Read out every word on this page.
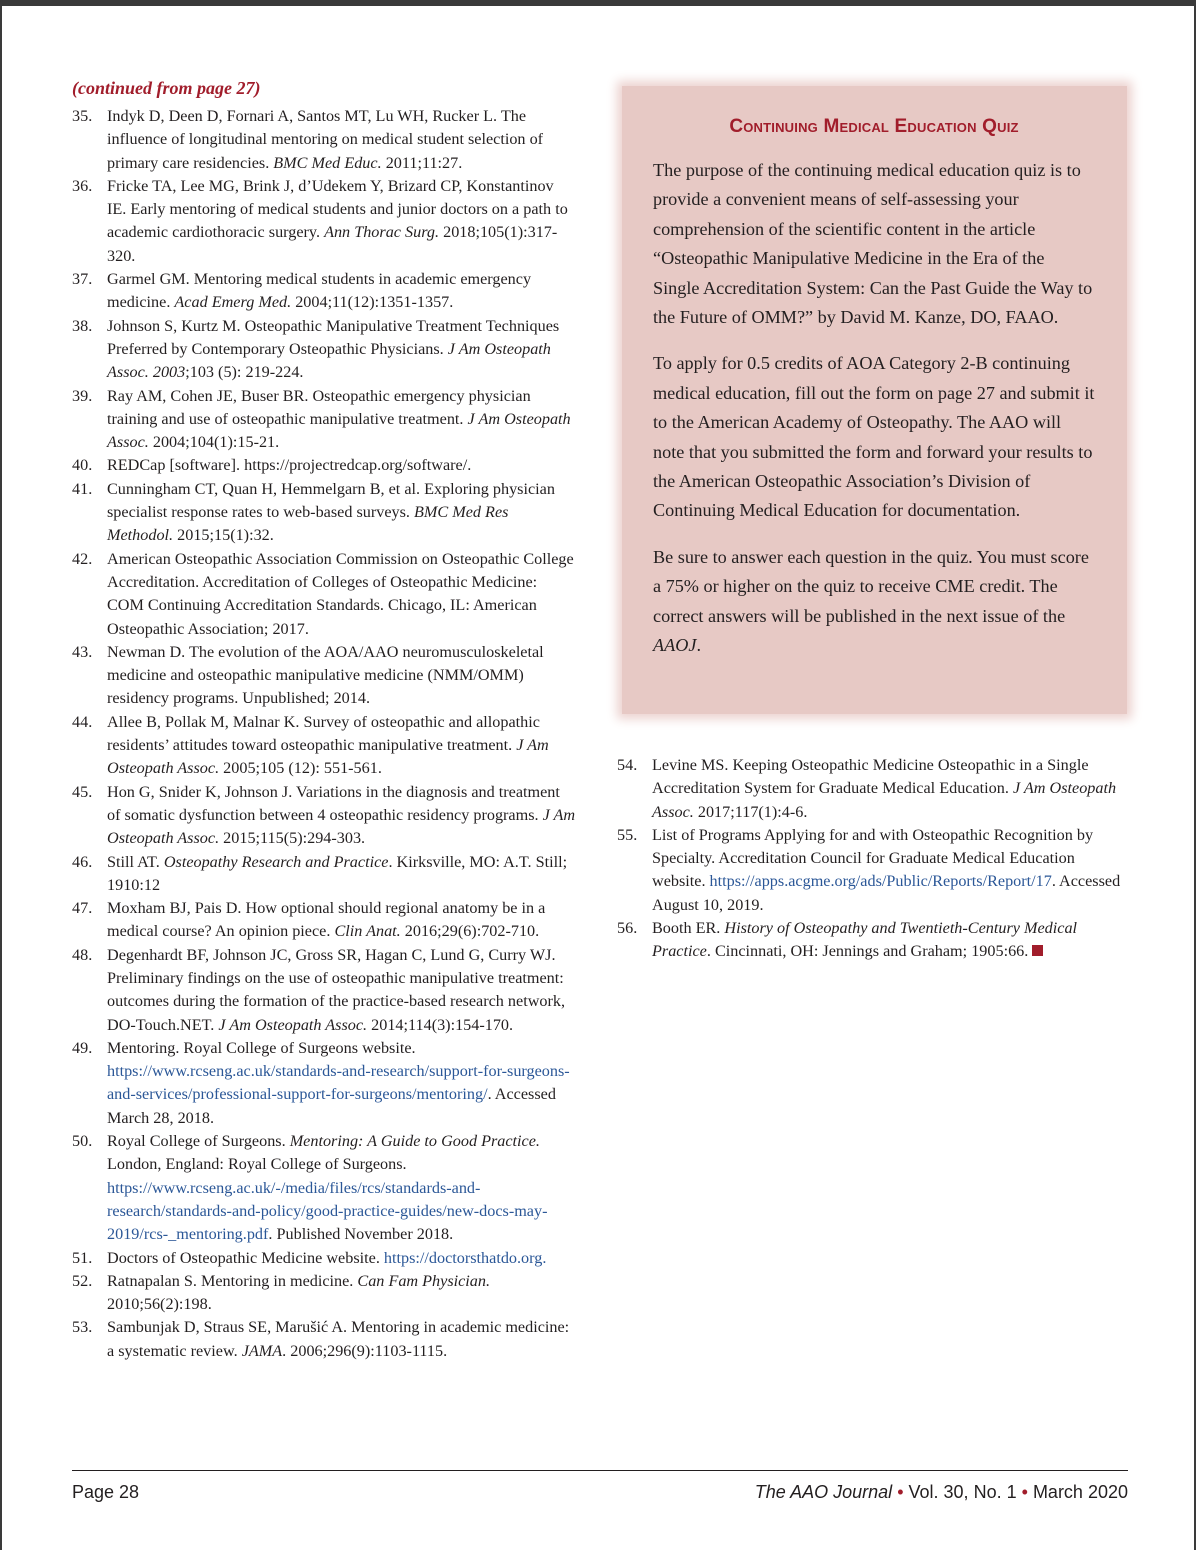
(continued from page 27)

35. Indyk D, Deen D, Fornari A, Santos MT, Lu WH, Rucker L. The influence of longitudinal mentoring on medical student selection of primary care residencies. BMC Med Educ. 2011;11:27.
36. Fricke TA, Lee MG, Brink J, d’Udekem Y, Brizard CP, Konstantinov IE. Early mentoring of medical students and junior doctors on a path to academic cardiothoracic surgery. Ann Thorac Surg. 2018;105(1):317-320.
37. Garmel GM. Mentoring medical students in academic emergency medicine. Acad Emerg Med. 2004;11(12):1351-1357.
38. Johnson S, Kurtz M. Osteopathic Manipulative Treatment Techniques Preferred by Contemporary Osteopathic Physicians. J Am Osteopath Assoc. 2003;103 (5): 219-224.
39. Ray AM, Cohen JE, Buser BR. Osteopathic emergency physician training and use of osteopathic manipulative treatment. J Am Osteopath Assoc. 2004;104(1):15-21.
40. REDCap [software]. https://projectredcap.org/software/.
41. Cunningham CT, Quan H, Hemmelgarn B, et al. Exploring physician specialist response rates to web-based surveys. BMC Med Res Methodol. 2015;15(1):32.
42. American Osteopathic Association Commission on Osteopathic College Accreditation. Accreditation of Colleges of Osteopathic Medicine: COM Continuing Accreditation Standards. Chicago, IL: American Osteopathic Association; 2017.
43. Newman D. The evolution of the AOA/AAO neuromusculoskeletal medicine and osteopathic manipulative medicine (NMM/OMM) residency programs. Unpublished; 2014.
44. Allee B, Pollak M, Malnar K. Survey of osteopathic and allopathic residents’ attitudes toward osteopathic manipulative treatment. J Am Osteopath Assoc. 2005;105 (12): 551-561.
45. Hon G, Snider K, Johnson J. Variations in the diagnosis and treatment of somatic dysfunction between 4 osteopathic residency programs. J Am Osteopath Assoc. 2015;115(5):294-303.
46. Still AT. Osteopathy Research and Practice. Kirksville, MO: A.T. Still; 1910:12
47. Moxham BJ, Pais D. How optional should regional anatomy be in a medical course? An opinion piece. Clin Anat. 2016;29(6):702-710.
48. Degenhardt BF, Johnson JC, Gross SR, Hagan C, Lund G, Curry WJ. Preliminary findings on the use of osteopathic manipulative treatment: outcomes during the formation of the practice-based research network, DO-Touch.NET. J Am Osteopath Assoc. 2014;114(3):154-170.
49. Mentoring. Royal College of Surgeons website. https://www.rcseng.ac.uk/standards-and-research/support-for-surgeons-and-services/professional-support-for-surgeons/mentoring/. Accessed March 28, 2018.
50. Royal College of Surgeons. Mentoring: A Guide to Good Practice. London, England: Royal College of Surgeons. https://www.rcseng.ac.uk/-/media/files/rcs/standards-and-research/standards-and-policy/good-practice-guides/new-docs-may-2019/rcs-_mentoring.pdf. Published November 2018.
51. Doctors of Osteopathic Medicine website. https://doctorsthatdo.org.
52. Ratnapalan S. Mentoring in medicine. Can Fam Physician. 2010;56(2):198.
53. Sambunjak D, Straus SE, Marušić A. Mentoring in academic medicine: a systematic review. JAMA. 2006;296(9):1103-1115.
Continuing Medical Education Quiz

The purpose of the continuing medical education quiz is to provide a convenient means of self-assessing your comprehension of the scientific content in the article “Osteopathic Manipulative Medicine in the Era of the Single Accreditation System: Can the Past Guide the Way to the Future of OMM?” by David M. Kanze, DO, FAAO.

To apply for 0.5 credits of AOA Category 2-B continuing medical education, fill out the form on page 27 and submit it to the American Academy of Osteopathy. The AAO will note that you submitted the form and forward your results to the American Osteopathic Association’s Division of Continuing Medical Education for documentation.

Be sure to answer each question in the quiz. You must score a 75% or higher on the quiz to receive CME credit. The correct answers will be published in the next issue of the AAOJ.

54. Levine MS. Keeping Osteopathic Medicine Osteopathic in a Single Accreditation System for Graduate Medical Education. J Am Osteopath Assoc. 2017;117(1):4-6.
55. List of Programs Applying for and with Osteopathic Recognition by Specialty. Accreditation Council for Graduate Medical Education website. https://apps.acgme.org/ads/Public/Reports/Report/17. Accessed August 10, 2019.
56. Booth ER. History of Osteopathy and Twentieth-Century Medical Practice. Cincinnati, OH: Jennings and Graham; 1905:66.
Page 28	The AAO Journal • Vol. 30, No. 1 • March 2020
